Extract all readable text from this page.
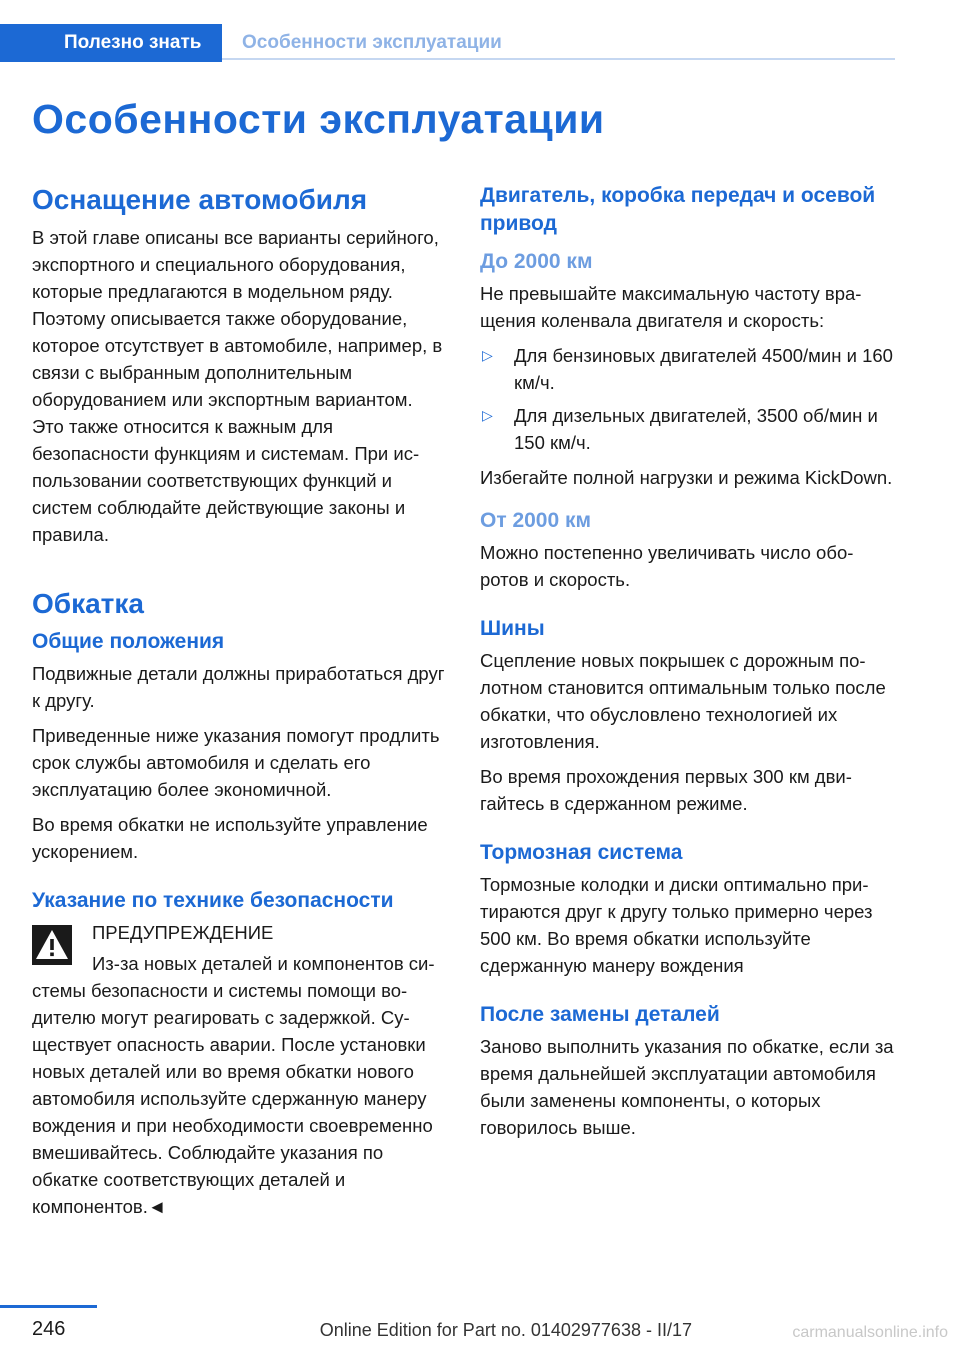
Полезно знать	Особенности эксплуатации
Особенности эксплуатации
Оснащение автомобиля

В этой главе описаны все варианты серийного, экспортного и специального оборудования, которые предлагаются в модельном ряду. Поэтому описывается также оборудование, которое отсутствует в автомобиле, например, в связи с выбранным дополнительным оборудованием или экспортным вариантом. Это также относится к важным для безопасности функциям и системам. При использовании соответствующих функций и систем соблюдайте действующие законы и правила.

Обкатка
Общие положения

Подвижные детали должны приработаться друг к другу.

Приведенные ниже указания помогут продлить срок службы автомобиля и сделать его эксплуатацию более экономичной.

Во время обкатки не используйте управление ускорением.

Указание по технике безопасности

ПРЕДУПРЕЖДЕНИЕ

Из-за новых деталей и компонентов системы безопасности и системы помощи водителю могут реагировать с задержкой. Существует опасность аварии. После установки новых деталей или во время обкатки нового автомобиля используйте сдержанную манеру вождения и при необходимости своевременно вмешивайтесь. Соблюдайте указания по обкатке соответствующих деталей и компонентов.◄

Двигатель, коробка передач и осевой привод
До 2000 км

Не превышайте максимальную частоту вращения коленвала двигателя и скорость:

▷ Для бензиновых двигателей 4500/мин и 160 км/ч.
▷ Для дизельных двигателей, 3500 об/мин и 150 км/ч.

Избегайте полной нагрузки и режима KickDown.

От 2000 км

Можно постепенно увеличивать число оборотов и скорость.

Шины

Сцепление новых покрышек с дорожным полотном становится оптимальным только после обкатки, что обусловлено технологией их изготовления.

Во время прохождения первых 300 км двигайтесь в сдержанном режиме.

Тормозная система

Тормозные колодки и диски оптимально притираются друг к другу только примерно через 500 км. Во время обкатки используйте сдержанную манеру вождения

После замены деталей

Заново выполнить указания по обкатке, если за время дальнейшей эксплуатации автомобиля были заменены компоненты, о которых говорилось выше.

246	Online Edition for Part no. 01402977638 - II/17	carmanualsonline.info
